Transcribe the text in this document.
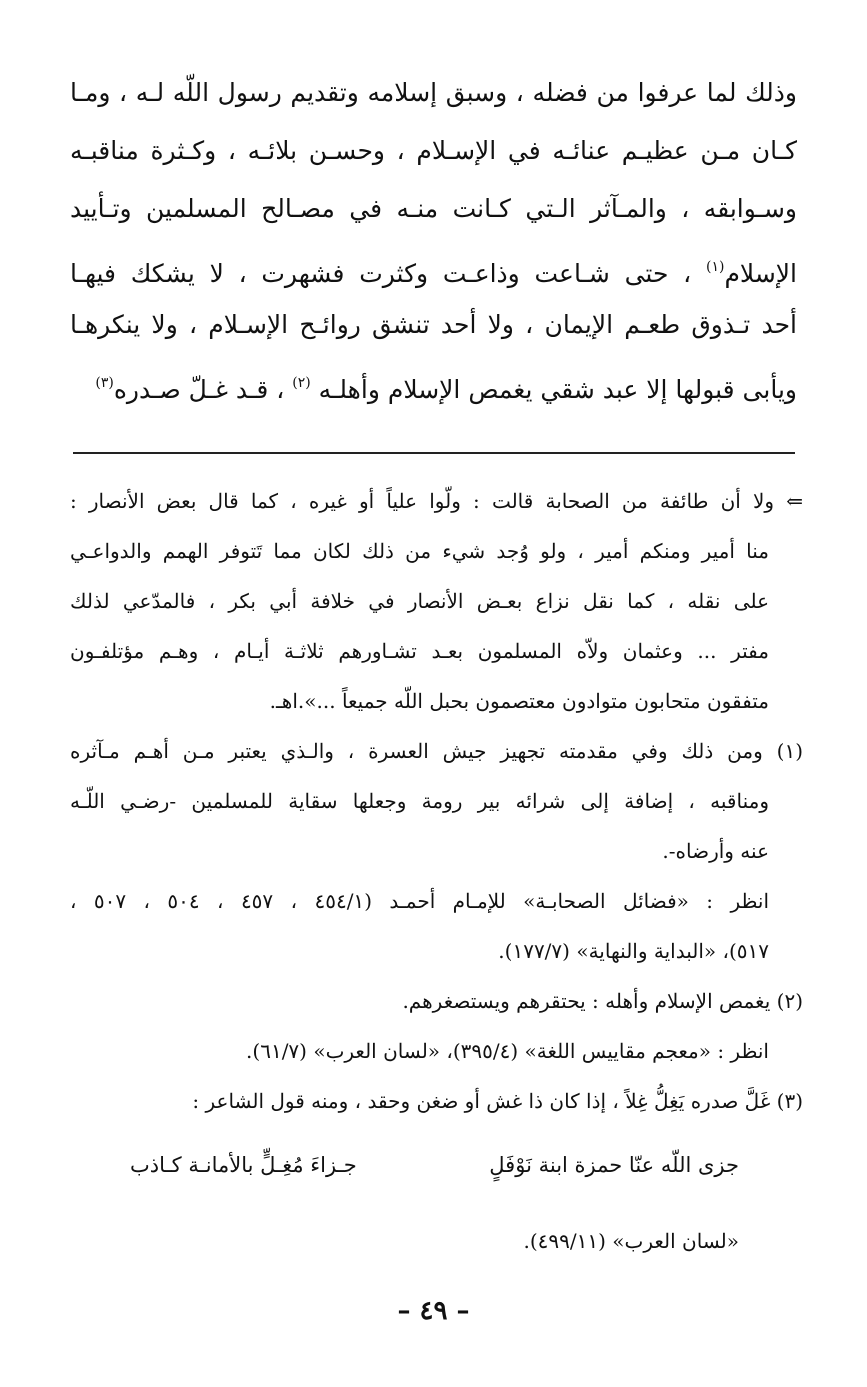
وذلك لما عرفوا من فضله ، وسبق إسلامه وتقديم رسول اللّه لـه ، ومـا
كـان مـن عظيـم عنائـه في الإسـلام ، وحسـن بلائـه ، وكـثرة مناقبـه
وسـوابقه ، والمـآثر الـتي كـانت منـه في مصـالح المسلمين وتـأييد
الإسلام$^{(١)}$ ، حتى شـاعت وذاعـت وكثرت فشهرت ، لا يشكك فيهـا
أحد تـذوق طعـم الإيمان ، ولا أحد تنشق روائـح الإسـلام ، ولا ينكرهـا
ويأبى قبولها إلا عبد شقي يغمص الإسلام وأهلـه $^{(٢)}$ ، قـد غـلّ صـدره$^{(٣)}$
⇐ ولا أن طائفة من الصحابة قالت : ولّوا علياً أو غيره ، كما قال بعض الأنصار :
منا أمير ومنكم أمير ، ولو وُجد شيء من ذلك لكان مما تَتوفر الهمم والدواعـي
على نقله ، كما نقل نزاع بعـض الأنصار في خلافة أبي بكر ، فالمدّعي لذلك
مفتر ... وعثمان ولاّه المسلمون بعـد تشـاورهم ثلاثـة أيـام ، وهـم مؤتلفـون
متفقون متحابون متوادون معتصمون بحبل اللّه جميعاً ...».اهـ.
(١) ومن ذلك وفي مقدمته تجهيز جيش العسرة ، والـذي يعتبر مـن أهـم مـآثره
ومناقبه ، إضافة إلى شرائه بير رومة وجعلها سقاية للمسلمين -رضـي اللّـه
عنه وأرضاه-.
انظر : «فضائل الصحابـة» للإمـام أحمـد (٤٥٤/١ ، ٤٥٧ ، ٥٠٤ ، ٥٠٧ ،
٥١٧)، «البداية والنهاية» (١٧٧/٧).
(٢) يغمص الإسلام وأهله : يحتقرهم ويستصغرهم.
انظر : «معجم مقاييس اللغة» (٣٩٥/٤)، «لسان العرب» (٦١/٧).
(٣) غَلَّ صدره يَغِلُّ غِلاً ، إذا كان ذا غش أو ضغن وحقد ، ومنه قول الشاعر :
جزى اللّه عنّا حمزة ابنة نَوْفَلٍ
جـزاءَ مُغِـلٍّ بالأمانـة كـاذب
«لسان العرب» (٤٩٩/١١).
– ٤٩ –
